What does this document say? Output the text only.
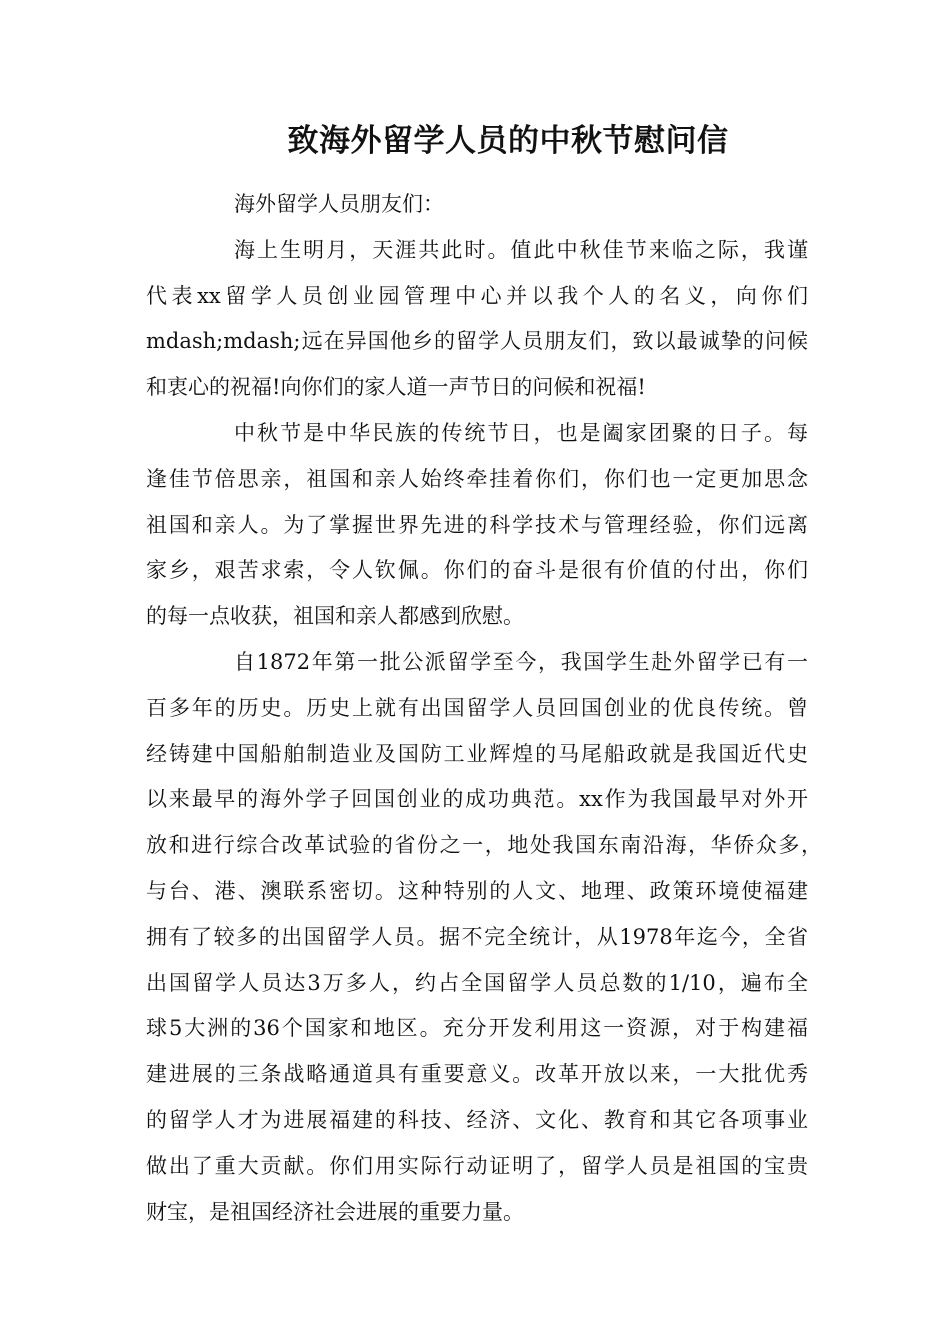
致海外留学人员的中秋节慰问信
海外留学人员朋友们：
海上生明月，天涯共此时。值此中秋佳节来临之际，我谨
代表xx留学人员创业园管理中心并以我个人的名义，向你们
mdash;mdash;远在异国他乡的留学人员朋友们，致以最诚挚的问候
和衷心的祝福!向你们的家人道一声节日的问候和祝福!
中秋节是中华民族的传统节日，也是阖家团聚的日子。每
逢佳节倍思亲，祖国和亲人始终牵挂着你们，你们也一定更加思念
祖国和亲人。为了掌握世界先进的科学技术与管理经验，你们远离
家乡，艰苦求索，令人钦佩。你们的奋斗是很有价值的付出，你们
的每一点收获，祖国和亲人都感到欣慰。
自1872年第一批公派留学至今，我国学生赴外留学已有一
百多年的历史。历史上就有出国留学人员回国创业的优良传统。曾
经铸建中国船舶制造业及国防工业辉煌的马尾船政就是我国近代史
以来最早的海外学子回国创业的成功典范。xx作为我国最早对外开
放和进行综合改革试验的省份之一，地处我国东南沿海，华侨众多，
与台、港、澳联系密切。这种特别的人文、地理、政策环境使福建
拥有了较多的出国留学人员。据不完全统计，从1978年迄今，全省
出国留学人员达3万多人，约占全国留学人员总数的1/10，遍布全
球5大洲的36个国家和地区。充分开发利用这一资源，对于构建福
建进展的三条战略通道具有重要意义。改革开放以来，一大批优秀
的留学人才为进展福建的科技、经济、文化、教育和其它各项事业
做出了重大贡献。你们用实际行动证明了，留学人员是祖国的宝贵
财宝，是祖国经济社会进展的重要力量。
